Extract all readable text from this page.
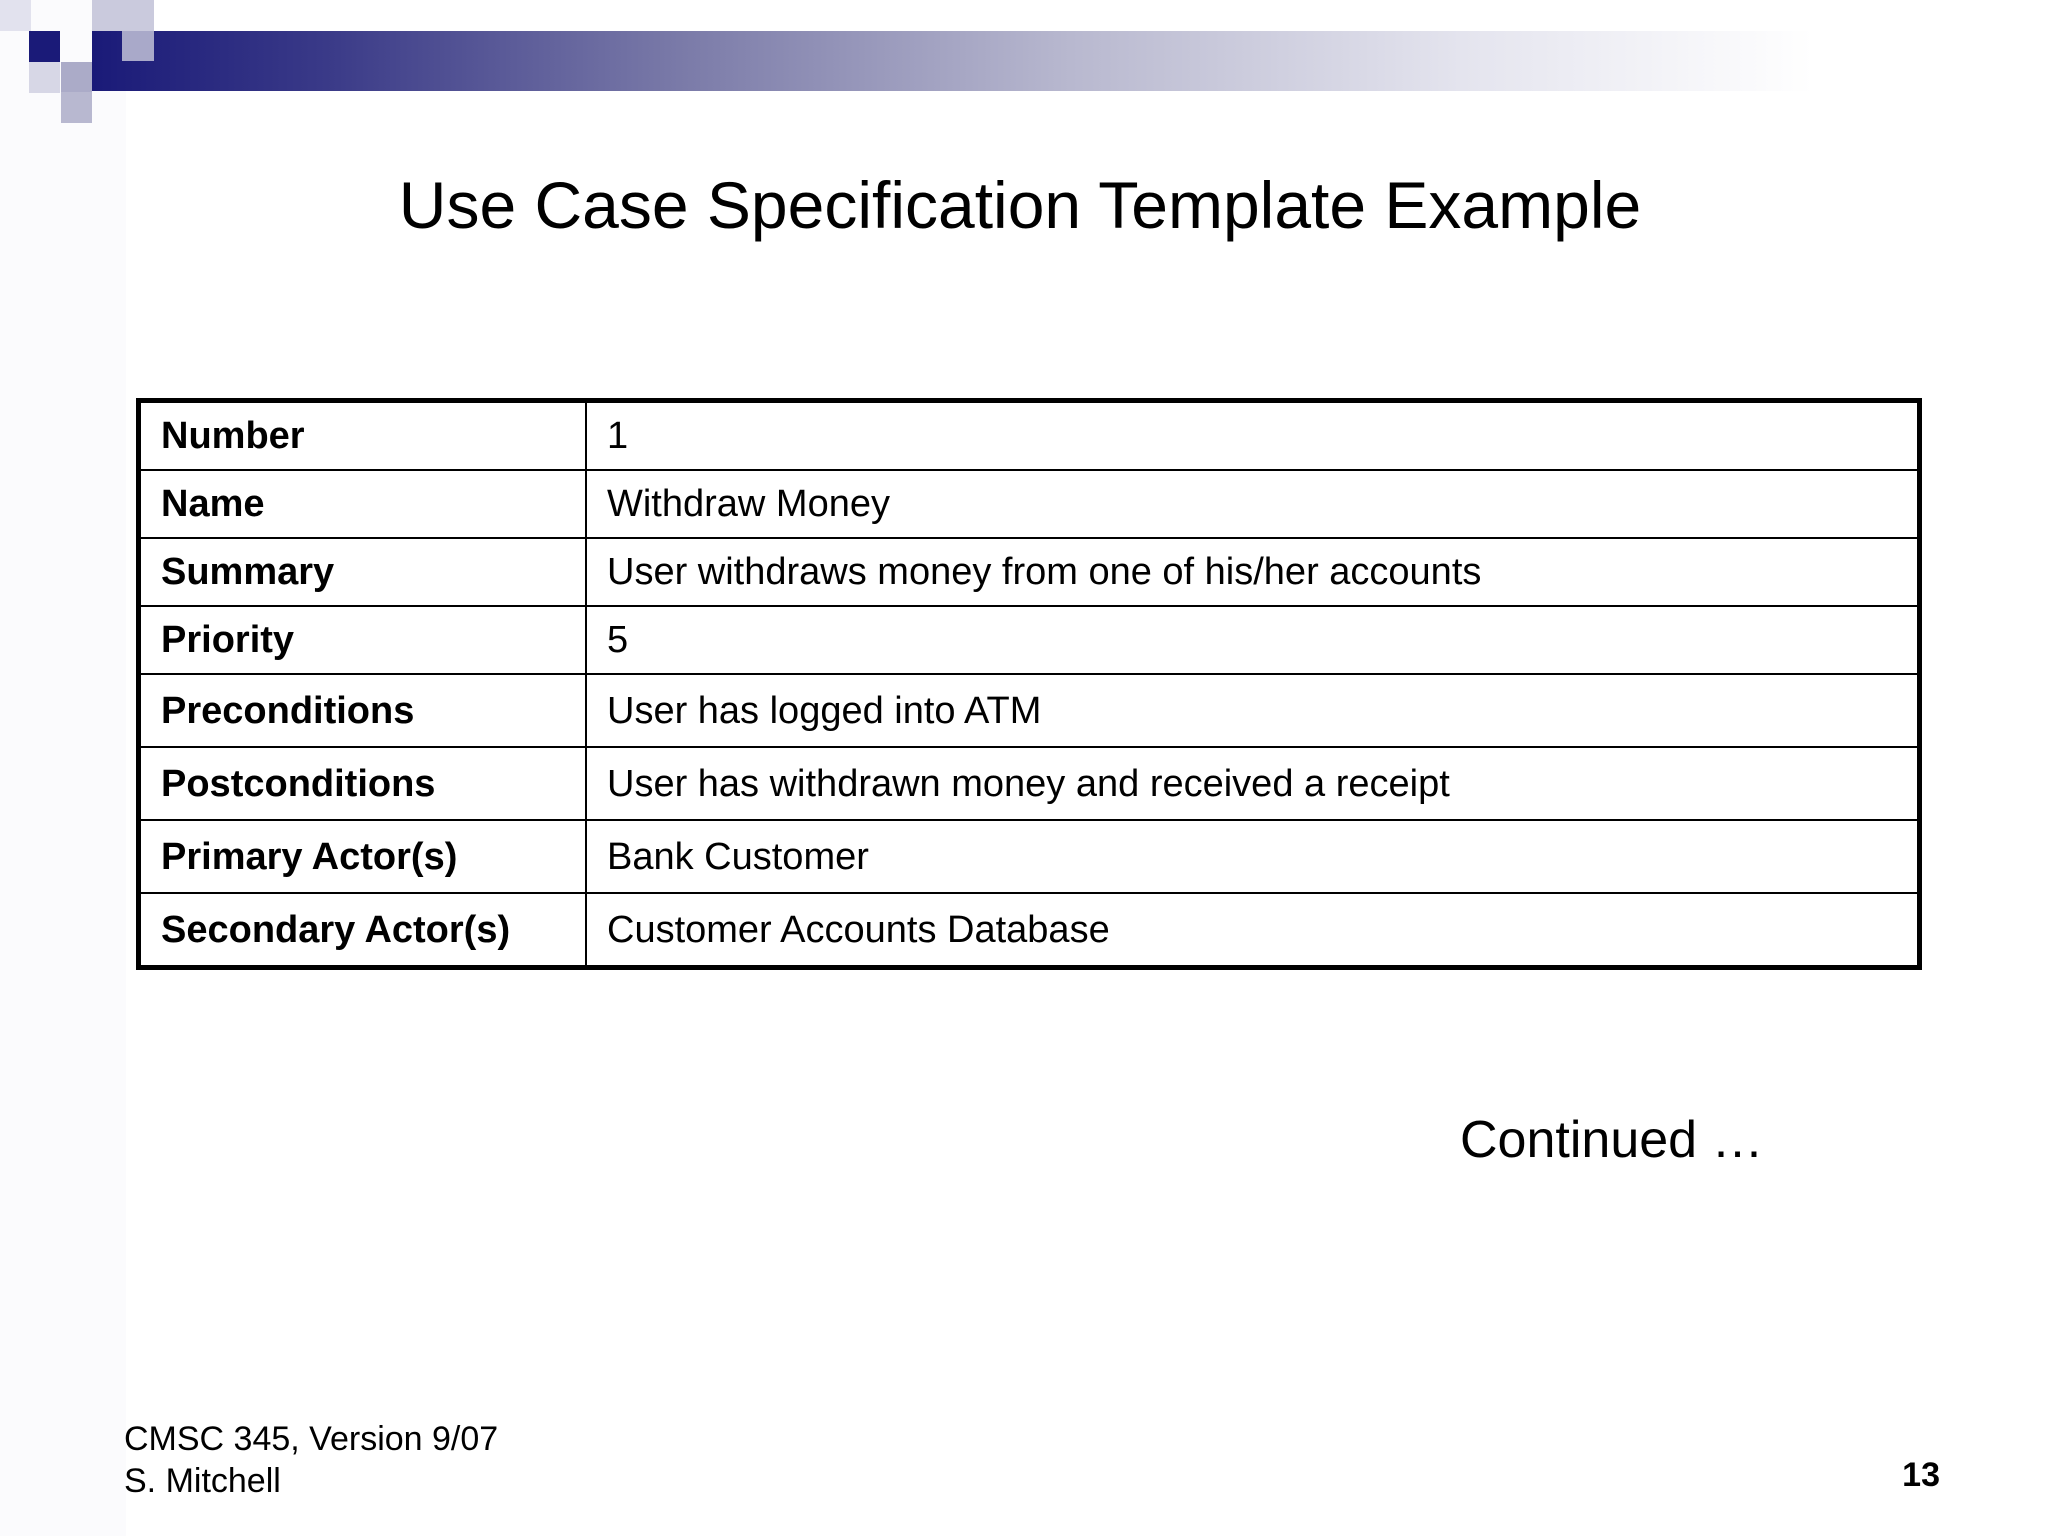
Use Case Specification Template Example
Number	1
Name	Withdraw Money
Summary	User withdraws money from one of his/her accounts
Priority	5
Preconditions	User has logged into ATM
Postconditions	User has withdrawn money and received a receipt
Primary Actor(s)	Bank Customer
Secondary Actor(s)	Customer Accounts Database
Continued …
CMSC 345, Version 9/07
S. Mitchell	13
